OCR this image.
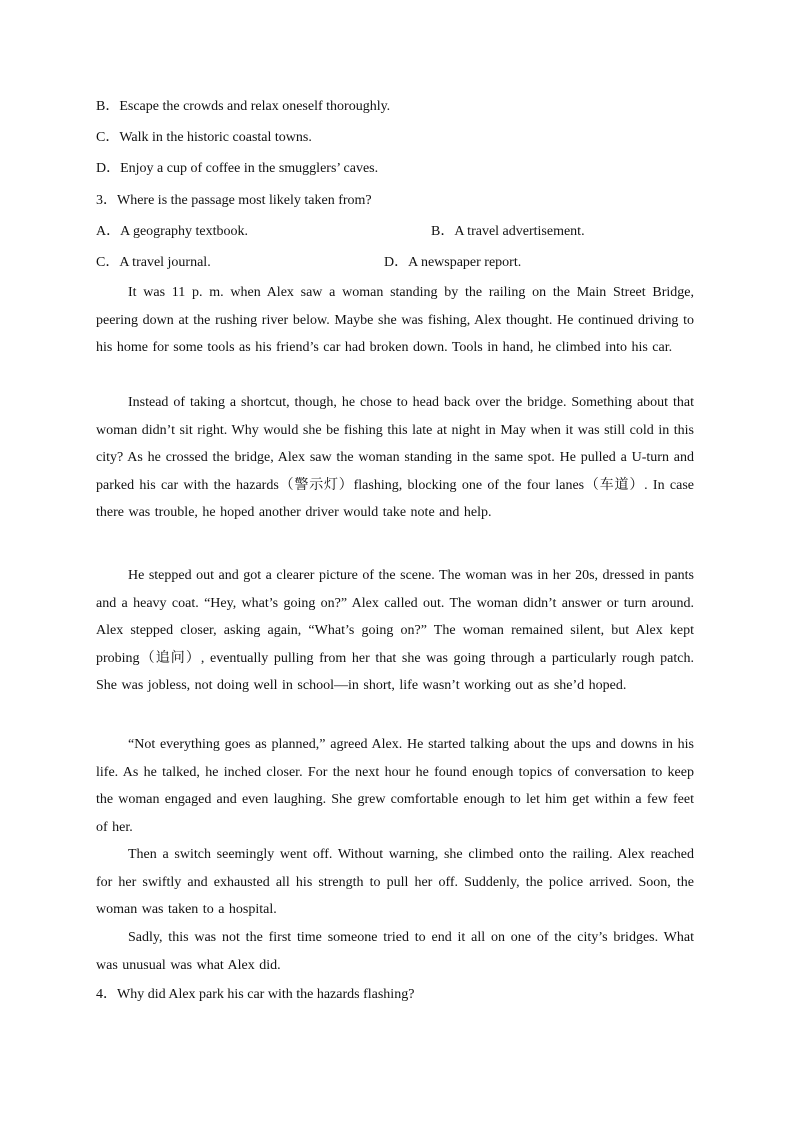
B．Escape the crowds and relax oneself thoroughly.
C．Walk in the historic coastal towns.
D．Enjoy a cup of coffee in the smugglers’ caves.
3．Where is the passage most likely taken from?
A．A geography textbook.	B．A travel advertisement.
C．A travel journal.	D．A newspaper report.
It was 11 p. m. when Alex saw a woman standing by the railing on the Main Street Bridge, peering down at the rushing river below. Maybe she was fishing, Alex thought. He continued driving to his home for some tools as his friend’s car had broken down. Tools in hand, he climbed into his car.
Instead of taking a shortcut, though, he chose to head back over the bridge. Something about that woman didn’t sit right. Why would she be fishing this late at night in May when it was still cold in this city? As he crossed the bridge, Alex saw the woman standing in the same spot. He pulled a U-turn and parked his car with the hazards（警示灯）flashing, blocking one of the four lanes（车道）. In case there was trouble, he hoped another driver would take note and help.
He stepped out and got a clearer picture of the scene. The woman was in her 20s, dressed in pants and a heavy coat. “Hey, what’s going on?” Alex called out. The woman didn’t answer or turn around. Alex stepped closer, asking again, “What’s going on?” The woman remained silent, but Alex kept probing（追问）, eventually pulling from her that she was going through a particularly rough patch. She was jobless, not doing well in school—in short, life wasn’t working out as she’d hoped.
“Not everything goes as planned,” agreed Alex. He started talking about the ups and downs in his life. As he talked, he inched closer. For the next hour he found enough topics of conversation to keep the woman engaged and even laughing. She grew comfortable enough to let him get within a few feet of her.
Then a switch seemingly went off. Without warning, she climbed onto the railing. Alex reached for her swiftly and exhausted all his strength to pull her off. Suddenly, the police arrived. Soon, the woman was taken to a hospital.
Sadly, this was not the first time someone tried to end it all on one of the city’s bridges. What was unusual was what Alex did.
4．Why did Alex park his car with the hazards flashing?
